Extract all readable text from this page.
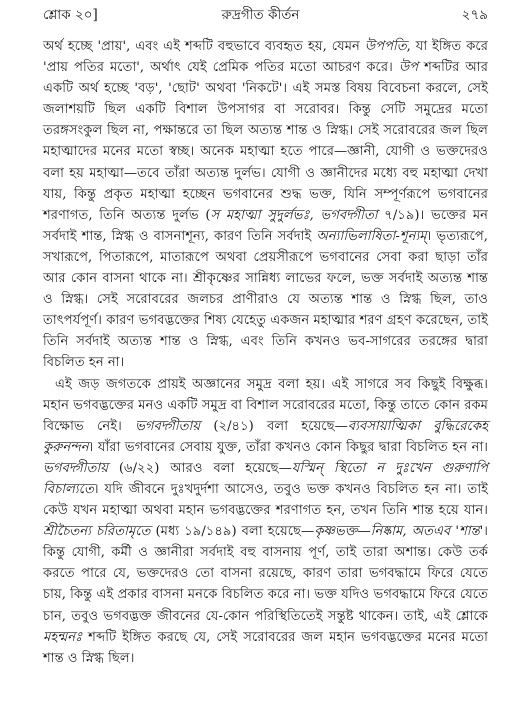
শ্লোক ২০]	রুদ্রগীত কীর্তন	২৭৯

অর্থ হচ্ছে 'প্রায়', এবং এই শব্দটি বহুভাবে ব্যবহৃত হয়, যেমন উপপতি, যা ইঙ্গিত করে 'প্রায় পতির মতো', অর্থাৎ যেই প্রেমিক পতির মতো আচরণ করে। উপ শব্দটির আর একটি অর্থ হচ্ছে 'বড়', 'ছোট' অথবা 'নিকটে'। এই সমস্ত বিষয় বিবেচনা করলে, সেই জলাশয়টি ছিল একটি বিশাল উপসাগর বা সরোবর। কিন্তু সেটি সমুদ্রের মতো তরঙ্গসংকুল ছিল না, পক্ষান্তরে তা ছিল অত্যন্ত শান্ত ও স্নিগ্ধ। সেই সরোবরের জল ছিল মহাত্মাদের মনের মতো স্বচ্ছ। অনেক মহাত্মা হতে পারে—জ্ঞানী, যোগী ও ভক্তদেরও বলা হয় মহাত্মা—তবে তাঁরা অত্যন্ত দুর্লভ। যোগী ও জ্ঞানীদের মধ্যে বহু মহাত্মা দেখা যায়, কিন্তু প্রকৃত মহাত্মা হচ্ছেন ভগবানের শুদ্ধ ভক্ত, যিনি সম্পূর্ণরূপে ভগবানের শরণাগত, তিনি অত্যন্ত দুর্লভ (স মহাত্মা সুদুর্লভঃ, ভগবদ্গীতা ৭/১৯)। ভক্তের মন সর্বদাই শান্ত, স্নিগ্ধ ও বাসনাশূন্য, কারণ তিনি সর্বদাই অন্যাভিলাষিতা-শূন্যম্। ভৃত্যরূপে, সখারূপে, পিতারূপে, মাতারূপে অথবা প্রেয়সীরূপে ভগবানের সেবা করা ছাড়া তাঁর আর কোন বাসনা থাকে না। শ্রীকৃষ্ণের সান্নিধ্য লাভের ফলে, ভক্ত সর্বদাই অত্যন্ত শান্ত ও স্নিগ্ধ। সেই সরোবরের জলচর প্রাণীরাও যে অত্যন্ত শান্ত ও স্নিগ্ধ ছিল, তাও তাৎপর্যপূর্ণ। কারণ ভগবদ্ভক্তের শিষ্য যেহেতু একজন মহাত্মার শরণ গ্রহণ করেছেন, তাই তিনি সর্বদাই অত্যন্ত শান্ত ও স্নিগ্ধ, এবং তিনি কখনও ভব-সাগরের তরঙ্গের দ্বারা বিচলিত হন না।

এই জড় জগতকে প্রায়ই অজ্ঞানের সমুদ্র বলা হয়। এই সাগরে সব কিছুই বিক্ষুব্ধ। মহান ভগবদ্ভক্তের মনও একটি সমুদ্র বা বিশাল সরোবরের মতো, কিন্তু তাতে কোন রকম বিক্ষোভ নেই। ভগবদ্গীতায় (২/৪১) বলা হয়েছে—ব্যবসায়াত্মিকা বুদ্ধিরেকেহ কুরুনন্দন। যাঁরা ভগবানের সেবায় যুক্ত, তাঁরা কখনও কোন কিছুর দ্বারা বিচলিত হন না। ভগবদ্গীতায় (৬/২২) আরও বলা হয়েছে—যস্মিন্ স্থিতো ন দুঃখেন গুরুণাপি বিচাল্যতে। যদি জীবনে দুঃখদুর্দশা আসেও, তবুও ভক্ত কখনও বিচলিত হন না। তাই কেউ যখন মহাত্মা অথবা মহান ভগবদ্ভক্তের শরণাগত হন, তখন তিনি শান্ত হয়ে যান। শ্রীচৈতন্য চরিতামৃতে (মধ্য ১৯/১৪৯) বলা হয়েছে—কৃষ্ণভক্ত—নিষ্কাম, অতএব 'শান্ত'। কিন্তু যোগী, কর্মী ও জ্ঞানীরা সর্বদাই বহু বাসনায় পূর্ণ, তাই তারা অশান্ত। কেউ তর্ক করতে পারে যে, ভক্তদেরও তো বাসনা রয়েছে, কারণ তারা ভগবদ্ধামে ফিরে যেতে চায়, কিন্তু এই প্রকার বাসনা মনকে বিচলিত করে না। ভক্ত যদিও ভগবদ্ধামে ফিরে যেতে চান, তবুও ভগবদ্ভক্ত জীবনের যে-কোন পরিস্থিতিতেই সন্তুষ্ট থাকেন। তাই, এই শ্লোকে মহন্মনঃ শব্দটি ইঙ্গিত করছে যে, সেই সরোবরের জল মহান ভগবদ্ভক্তের মনের মতো শান্ত ও স্নিগ্ধ ছিল।
